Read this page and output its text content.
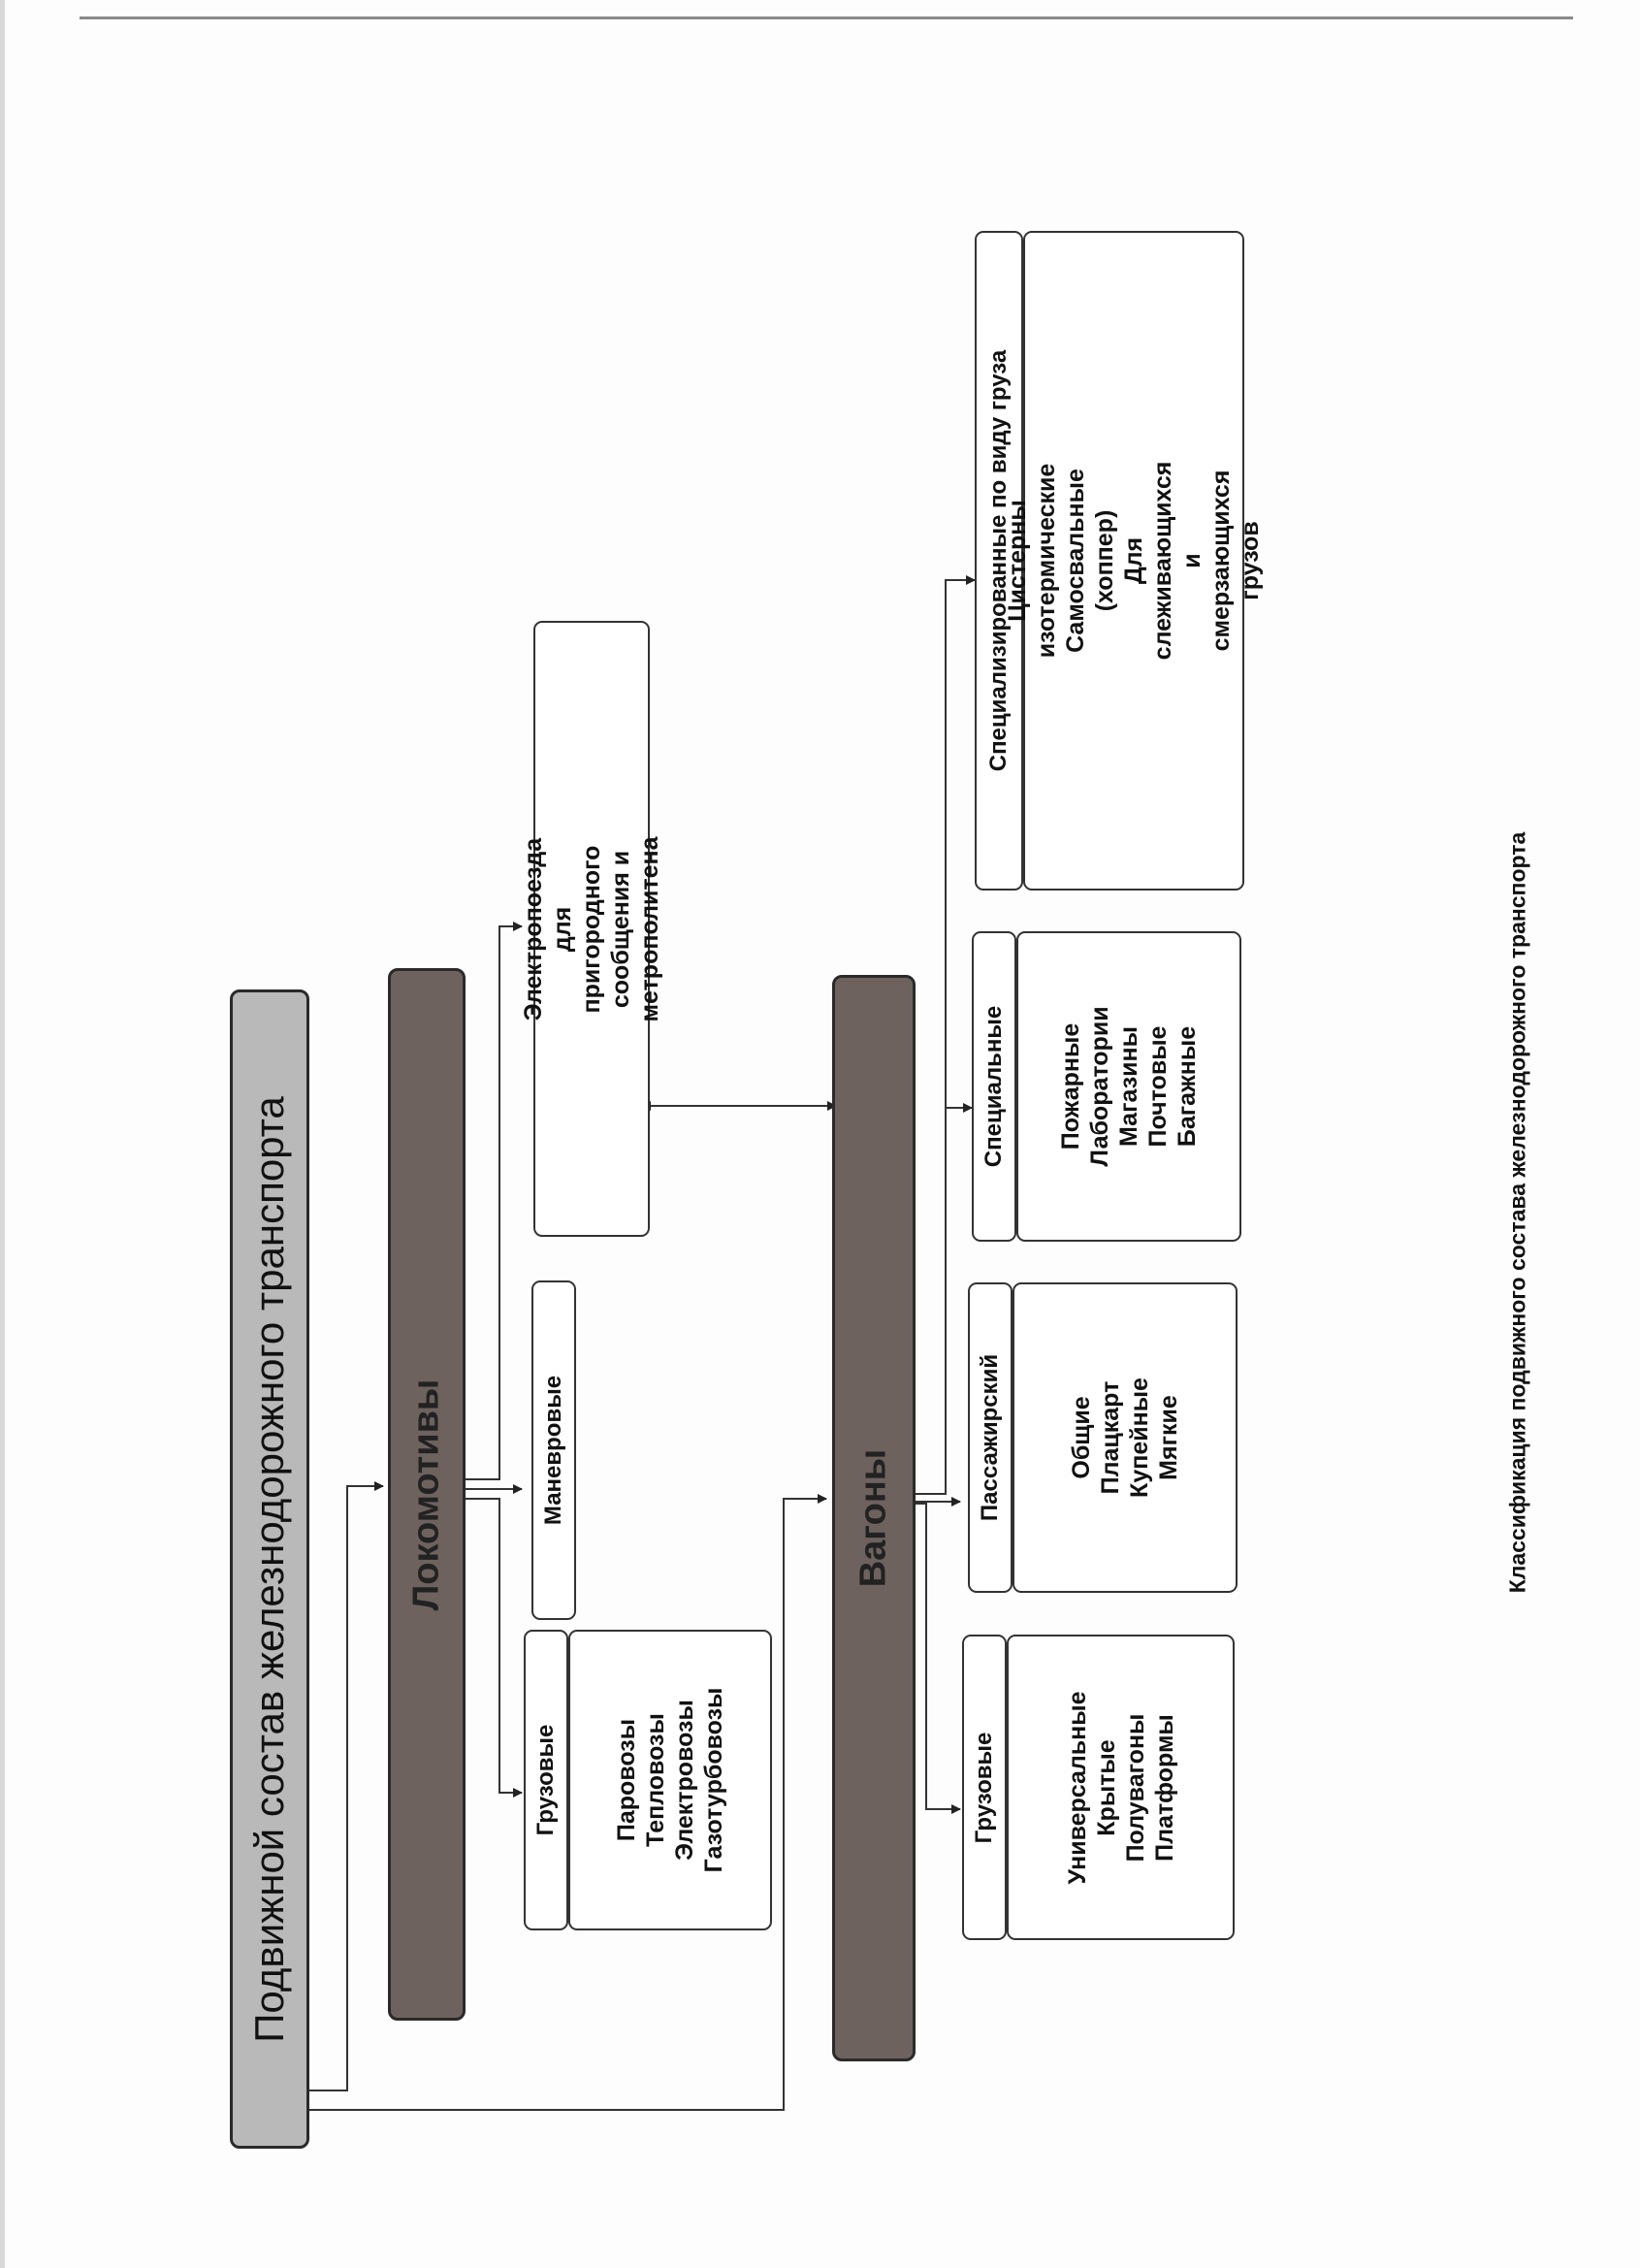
Подвижной состав железнодорожного транспорта	Локомотивы
Грузовые Паровозы
Тепловозы
Электровозы
Газотурбовозы
Маневровые
Электропоезда для пригородного
сообщения и метрополитена
Вагоны
Грузовые	Универсальные
Крытые
Полувагоны
Платформы
Пассажирский	Общие
Плацкарт
Купейные
Мягкие
Специальные Пожарные
Лаборатории
Магазины
Почтовые
Багажные
Специализированные по виду груза
Цистерны изотермические
Самосвальные (хоппер)
Для слеживающихся и смерзающихся
грузов
Классификация подвижного состава железнодорожного транспорта
